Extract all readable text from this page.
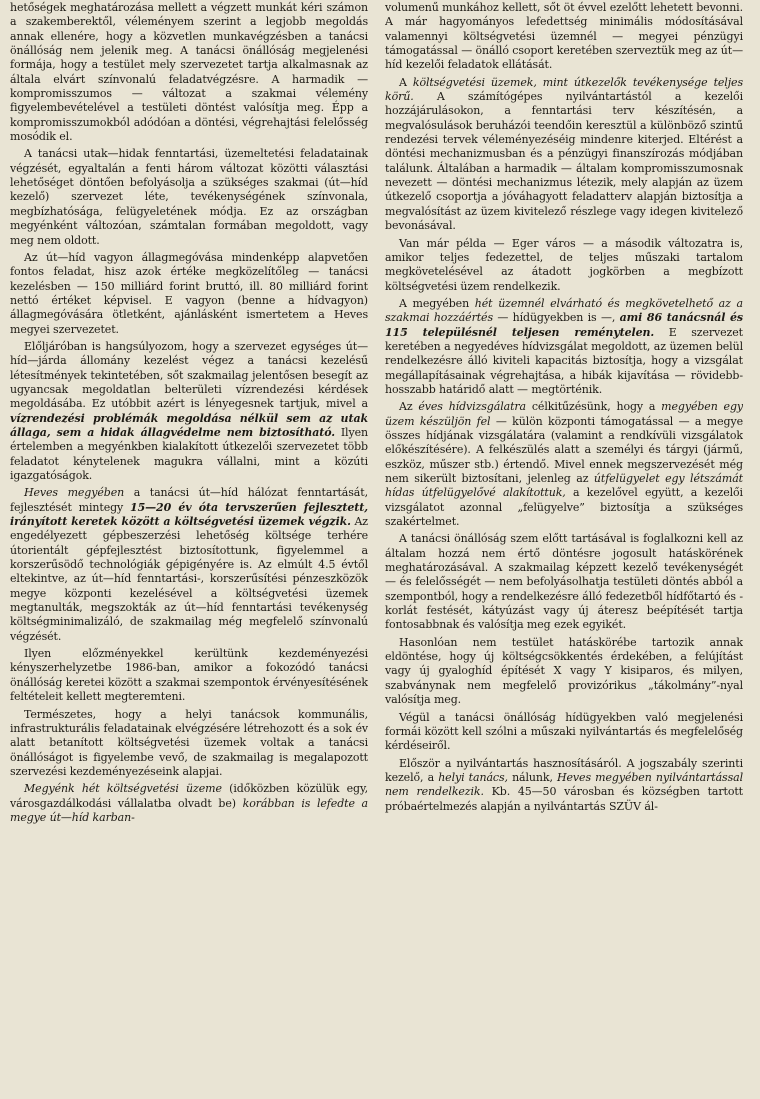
hetőségek meghatározása mellett a végzett munkát kéri számon a szakemberektől, véleményem szerint a legjobb megoldás annak ellenére, hogy a közvetlen munkavégzésben a tanácsi önállóság nem jelenik meg. A tanácsi önállóság megjelenési formája, hogy a testület mely szervezetet tartja alkalmasnak az általa elvárt színvonalú feladatvégzésre. A harmadik — kompromisszumos — változat a szakmai vélemény figyelembevételével a testületi döntést valósítja meg. Épp a kompromisszumokból adódóan a döntési, végrehajtási felelősség mosódik el.

A tanácsi utak—hidak fenntartási, üzemeltetési feladatainak végzését, egyaltalán a fenti három változat közötti választási lehetőséget döntően befolyásolja a szükséges szakmai (út—híd kezelő) szervezet léte, tevékenységének színvonala, megbízhatósága, felügyeletének módja. Ez az országban megyénként változóan, számtalan formában megoldott, vagy meg nem oldott.

Az út—híd vagyon állagmegóvása mindenképp alapvetően fontos feladat, hisz azok értéke megközelítőleg — tanácsi kezelésben — 150 milliárd forint bruttó, ill. 80 milliárd forint nettó értéket képvisel. E vagyon (benne a hídvagyon) állagmegóvására ötletként, ajánlásként ismertetem a Heves megyei szervezetet.

Előljáróban is hangsúlyozom, hogy a szervezet egységes út—híd—járda állomány kezelést végez a tanácsi kezelésű létesítmények tekintetében, sőt szakmailag jelentősen besegít az ugyancsak megoldatlan belterületi vízrendezési kérdések megoldásába. Ez utóbbit azért is lényegesnek tartjuk, mivel a vízrendezési problémák megoldása nélkül sem az utak állaga, sem a hidak állagvédelme nem biztosítható. Ilyen értelemben a megyénkben kialakított útkezelői szervezetet több feladatot kénytelenek magukra vállalni, mint a közúti igazgatóságok.

Heves megyében a tanácsi út—híd hálózat fenntartását, fejlesztését mintegy 15—20 év óta tervszerűen fejlesztett, irányított keretek között a költségvetési üzemek végzik. Az engedélyezett gépbeszerzési lehetőség költsége terhére útorientált gépfejlesztést biztosítottunk, figyelemmel a korszerűsödő technológiák gépigényére is. Az elmúlt 4.5 évtől eltekintve, az út—híd fenntartási-, korszerűsítési pénzeszközök megye központi kezelésével a költségvetési üzemek megtanulták, megszokták az út—híd fenntartási tevékenység költségminimalizáló, de szakmailag még megfelelő színvonalú végzését.

Ilyen előzményekkel kerültünk kezdeményezési kényszerhelyzetbe 1986-ban, amikor a fokozódó tanácsi önállóság keretei között a szakmai szempontok érvényesítésének feltételeit kellett megteremteni.

Természetes, hogy a helyi tanácsok kommunális, infrastrukturális feladatainak elvégzésére létrehozott és a sok év alatt betanított költségvetési üzemek voltak a tanácsi önállóságot is figyelembe vevő, de szakmailag is megalapozott szervezési kezdeményezéseink alapjai.

Megyénk hét költségvetési üzeme (időközben közülük egy, városgazdálkodási vállalatba olvadt be) korábban is lefedte a megye út—híd karban-

volumenű munkához kellett, sőt öt évvel ezelőtt lehetett bevonni. A már hagyományos lefedettség minimális módosításával valamennyi költségvetési üzemnél — megyei pénzügyi támogatással — önálló csoport keretében szerveztük meg az út—híd kezelői feladatok ellátását.

A költségvetési üzemek, mint útkezelők tevékenysége teljes körű. A számítógépes nyilvántartástól a kezelői hozzájárulásokon, a fenntartási terv készítésén, a megvalósulások beruházói teendőin keresztül a különböző szintű rendezési tervek véleményezéséig mindenre kiterjed. Eltérést a döntési mechanizmusban és a pénzügyi finanszírozás módjában találunk. Általában a harmadik — általam kompromisszumosnak nevezett — döntési mechanizmus létezik, mely alapján az üzem útkezelő csoportja a jóváhagyott feladatterv alapján biztosítja a megvalósítást az üzem kivitelező részlege vagy idegen kivitelező bevonásával.

Van már példa — Eger város — a második változatra is, amikor teljes fedezettel, de teljes műszaki tartalom megkövetelésével az átadott jogkörben a megbízott költségvetési üzem rendelkezik.

A megyében hét üzemnél elvárható és megkövetelhető az a szakmai hozzáértés — hídügyekben is —, ami 86 tanácsnál és 115 településnél teljesen reménytelen. E szervezet keretében a negyedéves hídvizsgálat megoldott, az üzemen belül rendelkezésre álló kiviteli kapacitás biztosítja, hogy a vizsgálat megállapításainak végrehajtása, a hibák kijavítása — rövidebb-hosszabb határidő alatt — megtörténik.

Az éves hídvizsgálatra célkitűzésünk, hogy a megyében egy üzem készüljön fel — külön központi támogatással — a megye összes hídjának vizsgálatára (valamint a rendkívüli vizsgálatok előkészítésére). A felkészülés alatt a személyi és tárgyi (jármű, eszköz, műszer stb.) értendő. Mivel ennek megszervezését még nem sikerült biztosítani, jelenleg az útfelügyelet egy létszámát hídas útfelügyelővé alakítottuk, a kezelővel együtt, a kezelői vizsgálatot azonnal „felügyelve” biztosítja a szükséges szakértelmet.

A tanácsi önállóság szem előtt tartásával is foglalkozni kell az általam hozzá nem értő döntésre jogosult hatáskörének meghatározásával. A szakmailag képzett kezelő tevékenységét — és felelősségét — nem befolyásolhatja testületi döntés abból a szempontból, hogy a rendelkezésre álló fedezetből hídfőtartó és -korlát festését, kátyúzást vagy új áteresz beépítését tartja fontosabbnak és valósítja meg ezek egyikét.

Hasonlóan nem testület hatáskörébe tartozik annak eldöntése, hogy új költségcsökkentés érdekében, a felújítást vagy új gyaloghíd építését X vagy Y kisiparos, és milyen, szabványnak nem megfelelő provizórikus „tákolmány”-nyal valósítja meg.

Végül a tanácsi önállóság hídügyekben való megjelenési formái között kell szólni a műszaki nyilvántartás és megfelelőség kérdéseiről.

Először a nyilvántartás hasznosításáról. A jogszabály szerinti kezelő, a helyi tanács, nálunk, Heves megyében nyilvántartással nem rendelkezik. Kb. 45—50 városban és községben tartott próbaértelmezés alapján a nyilvántartás SZÜV ál-
